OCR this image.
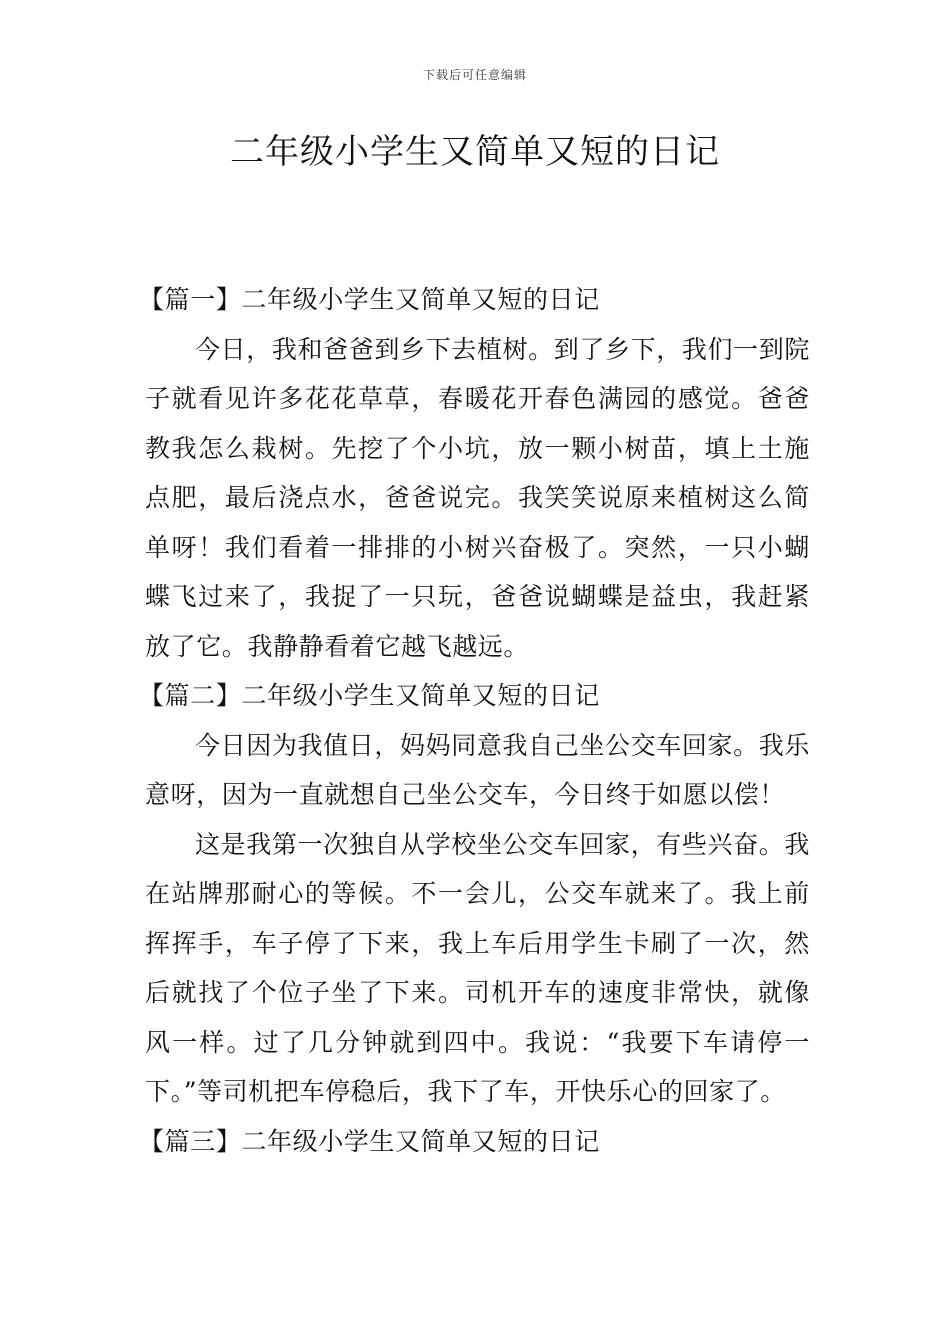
下载后可任意编辑
二年级小学生又简单又短的日记
【篇一】二年级小学生又简单又短的日记

今日，我和爸爸到乡下去植树。到了乡下，我们一到院子就看见许多花花草草，春暖花开春色满园的感觉。爸爸教我怎么栽树。先挖了个小坑，放一颗小树苗，填上土施点肥，最后浇点水，爸爸说完。我笑笑说原来植树这么简单呀！我们看着一排排的小树兴奋极了。突然，一只小蝴蝶飞过来了，我捉了一只玩，爸爸说蝴蝶是益虫，我赶紧放了它。我静静看着它越飞越远。

【篇二】二年级小学生又简单又短的日记

今日因为我值日，妈妈同意我自己坐公交车回家。我乐意呀，因为一直就想自己坐公交车，今日终于如愿以偿！

这是我第一次独自从学校坐公交车回家，有些兴奋。我在站牌那耐心的等候。不一会儿，公交车就来了。我上前挥挥手，车子停了下来，我上车后用学生卡刷了一次，然后就找了个位子坐了下来。司机开车的速度非常快，就像风一样。过了几分钟就到四中。我说：“我要下车请停一下。”等司机把车停稳后，我下了车，开快乐心的回家了。

【篇三】二年级小学生又简单又短的日记
